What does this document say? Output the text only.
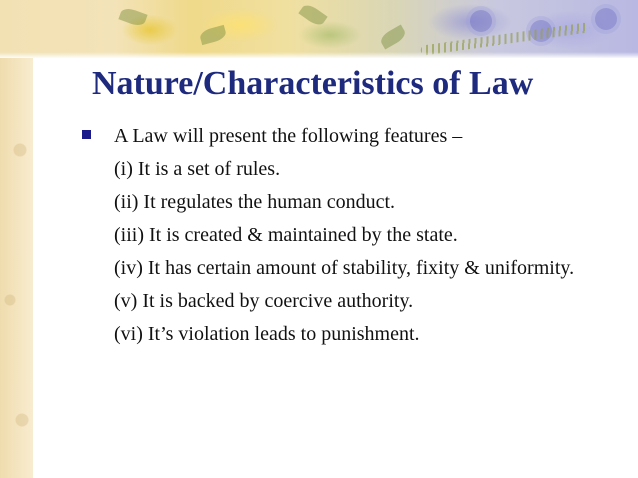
Nature/Characteristics of Law
A Law will present the following features –
(i) It is a set of rules.
(ii) It regulates the human conduct.
(iii) It is created & maintained by the state.
(iv) It has certain amount of stability, fixity & uniformity.
(v) It is backed by coercive authority.
(vi) It’s violation leads to punishment.
